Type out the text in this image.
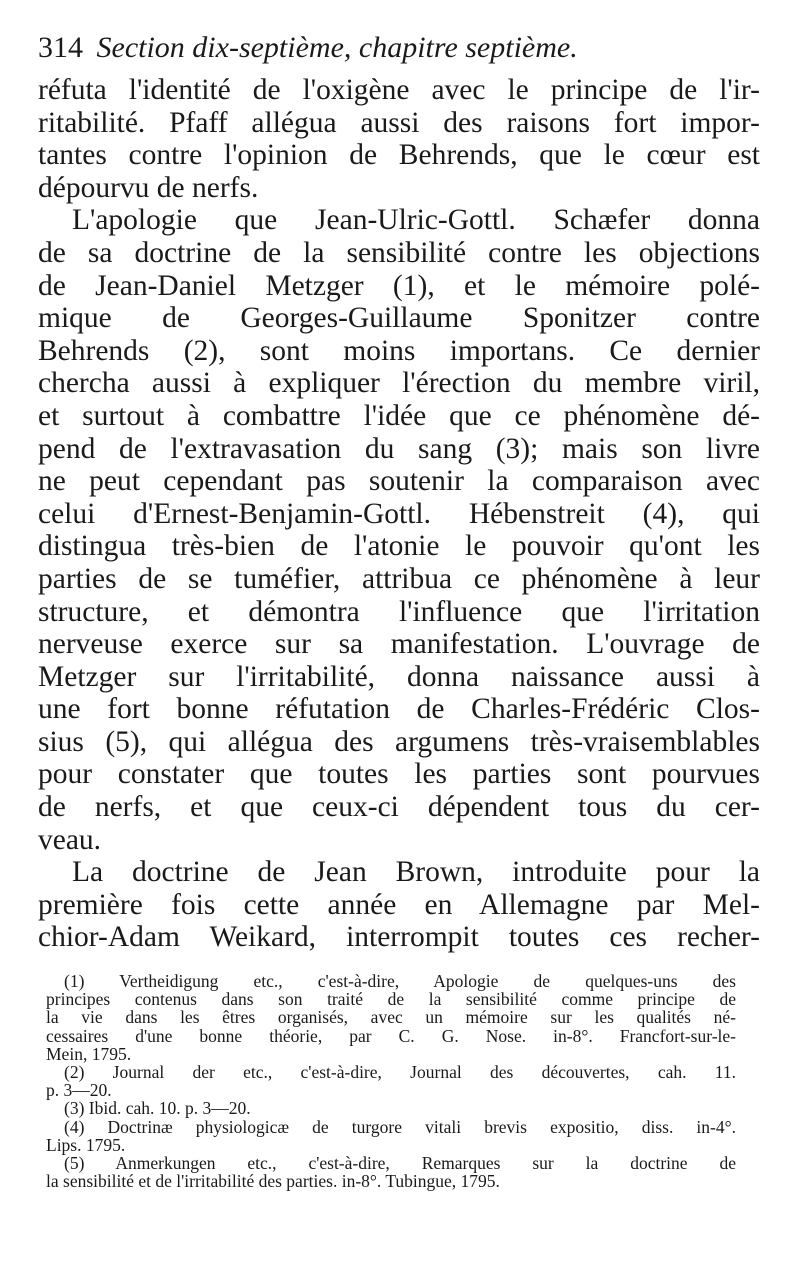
314 Section dix-septième, chapitre septième.
réfuta l'identité de l'oxigène avec le principe de l'ir-
ritabilité. Pfaff allégua aussi des raisons fort impor-
tantes contre l'opinion de Behrends, que le cœur est
dépourvu de nerfs.
L'apologie que Jean-Ulric-Gottl. Schæfer donna
de sa doctrine de la sensibilité contre les objections
de Jean-Daniel Metzger (1), et le mémoire polé-
mique de Georges-Guillaume Sponitzer contre
Behrends (2), sont moins importans. Ce dernier
chercha aussi à expliquer l'érection du membre viril,
et surtout à combattre l'idée que ce phénomène dé-
pend de l'extravasation du sang (3); mais son livre
ne peut cependant pas soutenir la comparaison avec
celui d'Ernest-Benjamin-Gottl. Hébenstreit (4), qui
distingua très-bien de l'atonie le pouvoir qu'ont les
parties de se tuméfier, attribua ce phénomène à leur
structure, et démontra l'influence que l'irritation
nerveuse exerce sur sa manifestation. L'ouvrage de
Metzger sur l'irritabilité, donna naissance aussi à
une fort bonne réfutation de Charles-Frédéric Clos-
sius (5), qui allégua des argumens très-vraisemblables
pour constater que toutes les parties sont pourvues
de nerfs, et que ceux-ci dépendent tous du cer-
veau.
La doctrine de Jean Brown, introduite pour la
première fois cette année en Allemagne par Mel-
chior-Adam Weikard, interrompit toutes ces recher-
(1) Vertheidigung etc., c'est-à-dire, Apologie de quelques-uns des
principes contenus dans son traité de la sensibilité comme principe de
la vie dans les êtres organisés, avec un mémoire sur les qualités né-
cessaires d'une bonne théorie, par C. G. Nose. in-8°. Francfort-sur-le-
Mein, 1795.
(2) Journal der etc., c'est-à-dire, Journal des découvertes, cah. 11.
p. 3—20.
(3) Ibid. cah. 10. p. 3—20.
(4) Doctrinæ physiologicæ de turgore vitali brevis expositio, diss. in-4°.
Lips. 1795.
(5) Anmerkungen etc., c'est-à-dire, Remarques sur la doctrine de
la sensibilité et de l'irritabilité des parties. in-8°. Tubingue, 1795.
